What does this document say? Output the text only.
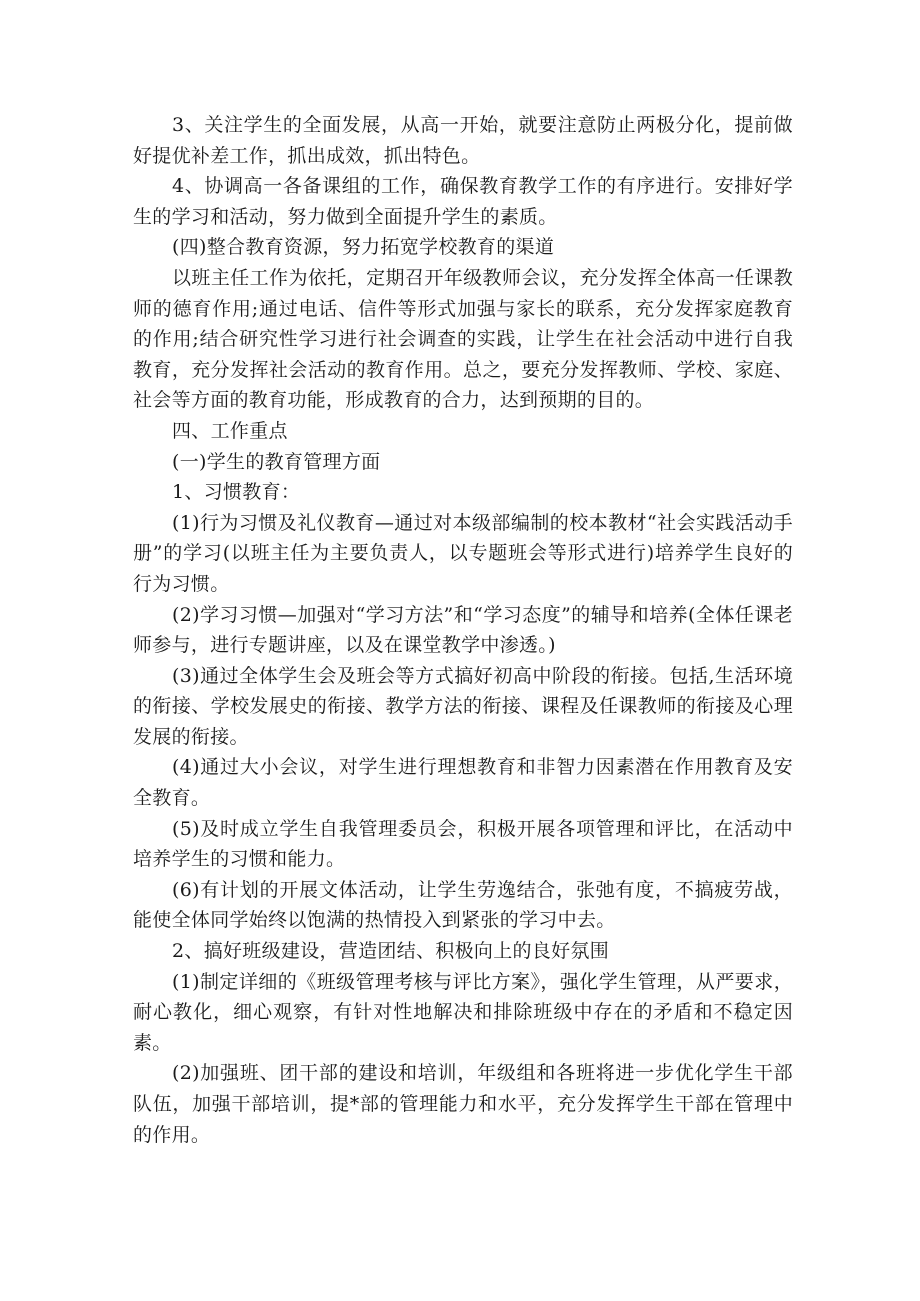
3、关注学生的全面发展，从高一开始，就要注意防止两极分化，提前做好提优补差工作，抓出成效，抓出特色。

4、协调高一各备课组的工作，确保教育教学工作的有序进行。安排好学生的学习和活动，努力做到全面提升学生的素质。

(四)整合教育资源，努力拓宽学校教育的渠道

以班主任工作为依托，定期召开年级教师会议，充分发挥全体高一任课教师的德育作用;通过电话、信件等形式加强与家长的联系，充分发挥家庭教育的作用;结合研究性学习进行社会调查的实践，让学生在社会活动中进行自我教育，充分发挥社会活动的教育作用。总之，要充分发挥教师、学校、家庭、社会等方面的教育功能，形成教育的合力，达到预期的目的。

四、工作重点

(一)学生的教育管理方面

1、习惯教育：

(1)行为习惯及礼仪教育—通过对本级部编制的校本教材“社会实践活动手册”的学习(以班主任为主要负责人，以专题班会等形式进行)培养学生良好的行为习惯。

(2)学习习惯—加强对“学习方法”和“学习态度”的辅导和培养(全体任课老师参与，进行专题讲座，以及在课堂教学中渗透。)

(3)通过全体学生会及班会等方式搞好初高中阶段的衔接。包括,生活环境的衔接、学校发展史的衔接、教学方法的衔接、课程及任课教师的衔接及心理发展的衔接。

(4)通过大小会议，对学生进行理想教育和非智力因素潜在作用教育及安全教育。

(5)及时成立学生自我管理委员会，积极开展各项管理和评比，在活动中培养学生的习惯和能力。

(6)有计划的开展文体活动，让学生劳逸结合，张弛有度，不搞疲劳战，能使全体同学始终以饱满的热情投入到紧张的学习中去。

2、搞好班级建设，营造团结、积极向上的良好氛围

(1)制定详细的《班级管理考核与评比方案》，强化学生管理，从严要求，耐心教化，细心观察，有针对性地解决和排除班级中存在的矛盾和不稳定因素。

(2)加强班、团干部的建设和培训，年级组和各班将进一步优化学生干部队伍，加强干部培训，提*部的管理能力和水平，充分发挥学生干部在管理中的作用。
